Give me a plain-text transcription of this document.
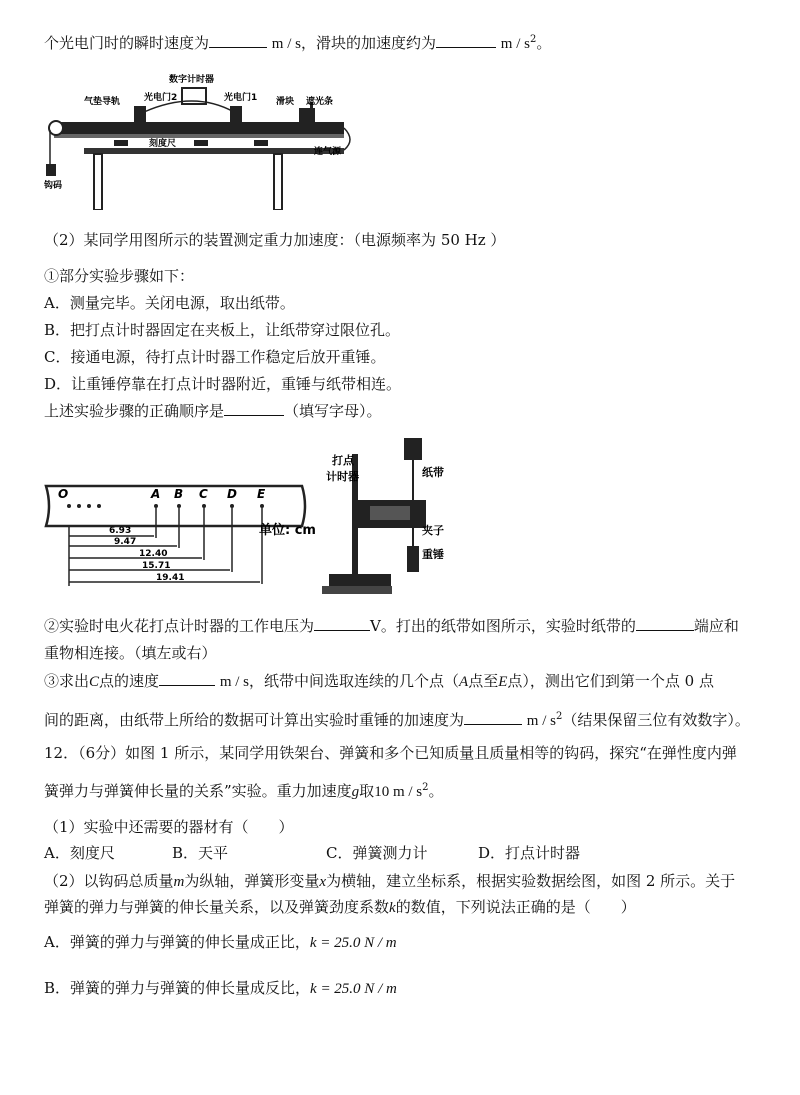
个光电门时的瞬时速度为	m / s，滑块的加速度约为	m / $s^2$。
数字计时器
气垫导轨	光电门2	光电门1 滑块 遮光条
刻度尺
连气源
钩码
（2）某同学用图所示的装置测定重力加速度：（电源频率为 50 Hz ）
①部分实验步骤如下：
A．测量完毕。关闭电源，取出纸带。
B．把打点计时器固定在夹板上，让纸带穿过限位孔。
C．接通电源，待打点计时器工作稳定后放开重锤。
D．让重锤停靠在打点计时器附近，重锤与纸带相连。
上述实验步骤的正确顺序是	（填写字母）。
O	A B C D E
6.93
9.47
12.40
15.71
19.41
单位: cm
打点
计时器	纸带
夹子
重锤
②实验时电火花打点计时器的工作电压为	V。打出的纸带如图所示，实验时纸带的	端应和
重物相连接。（填左或右）
③求出C点的速度	m / s，纸带中间选取连续的几个点（A点至E点），测出它们到第一个点 0 点
间的距离，由纸带上所给的数据可计算出实验时重锤的加速度为	m / $s^2$（结果保留三位有效数字）。
12．（6分）如图 1 所示，某同学用铁架台、弹簧和多个已知质量且质量相等的钩码，探究“在弹性度内弹
簧弹力与弹簧伸长量的关系”实验。重力加速度g取10 m / $s^2$。
（1）实验中还需要的器材有（　　）
A．刻度尺	B．天平	C．弹簧测力计	D．打点计时器
（2）以钩码总质量m为纵轴，弹簧形变量x为横轴，建立坐标系，根据实验数据绘图，如图 2 所示。关于
弹簧的弹力与弹簧的伸长量关系，以及弹簧劲度系数k的数值，下列说法正确的是（　　）
A．弹簧的弹力与弹簧的伸长量成正比，k = 25.0 N / m
B．弹簧的弹力与弹簧的伸长量成反比，k = 25.0 N / m
